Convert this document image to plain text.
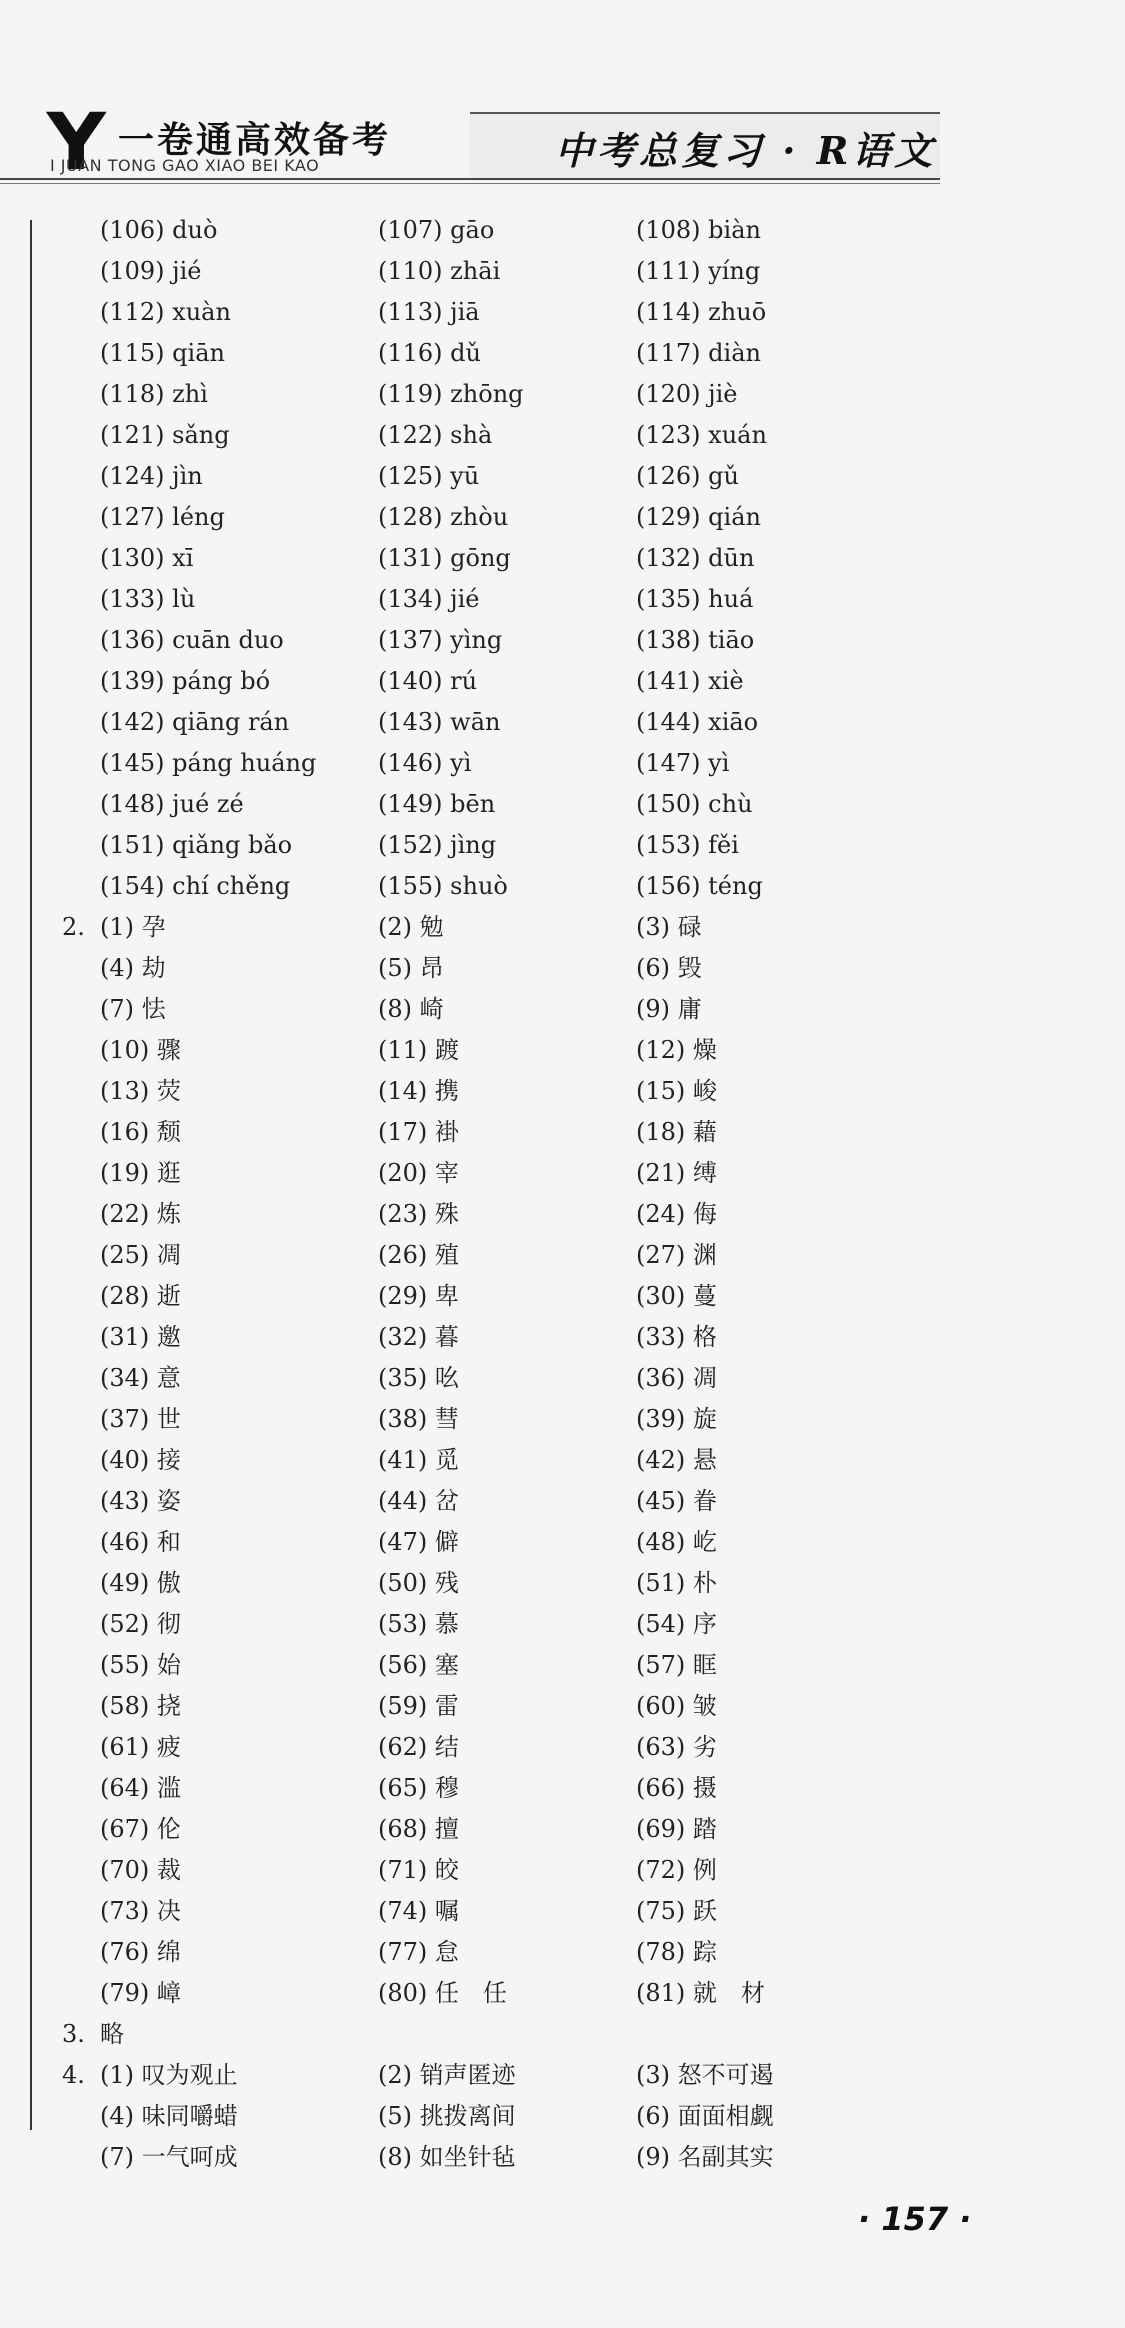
Y 一卷通高效备考
I JUAN TONG GAO XIAO BEI KAO	中考总复习 · R语文
(106) duò	(107) gāo	(108) biàn
(109) jié	(110) zhāi	(111) yíng
(112) xuàn	(113) jiā	(114) zhuō
(115) qiān	(116) dǔ	(117) diàn
(118) zhì	(119) zhōng	(120) jiè
(121) sǎng	(122) shà	(123) xuán
(124) jìn	(125) yū	(126) gǔ
(127) léng	(128) zhòu	(129) qián
(130) xī	(131) gōng	(132) dūn
(133) lù	(134) jié	(135) huá
(136) cuān duo	(137) yìng	(138) tiāo
(139) páng bó	(140) rú	(141) xiè
(142) qiāng rán	(143) wān	(144) xiāo
(145) páng huáng	(146) yì	(147) yì
(148) jué zé	(149) bēn	(150) chù
(151) qiǎng bǎo	(152) jìng	(153) fěi
(154) chí chěng	(155) shuò	(156) téng
2. (1) 孕	(2) 勉	(3) 碌
(4) 劫	(5) 昂	(6) 毁
(7) 怯	(8) 崎	(9) 庸
(10) 骤	(11) 踱	(12) 燥
(13) 荧	(14) 携	(15) 峻
(16) 颓	(17) 褂	(18) 藉
(19) 逛	(20) 宰	(21) 缚
(22) 炼	(23) 殊	(24) 侮
(25) 凋	(26) 殖	(27) 渊
(28) 逝	(29) 卑	(30) 蔓
(31) 邀	(32) 暮	(33) 格
(34) 意	(35) 吆	(36) 凋
(37) 世	(38) 彗	(39) 旋
(40) 接	(41) 觅	(42) 悬
(43) 姿	(44) 岔	(45) 眷
(46) 和	(47) 僻	(48) 屹
(49) 傲	(50) 残	(51) 朴
(52) 彻	(53) 慕	(54) 序
(55) 始	(56) 塞	(57) 眶
(58) 挠	(59) 雷	(60) 皱
(61) 疲	(62) 结	(63) 劣
(64) 滥	(65) 穆	(66) 摄
(67) 伦	(68) 擅	(69) 踏
(70) 裁	(71) 皎	(72) 例
(73) 决	(74) 嘱	(75) 跃
(76) 绵	(77) 怠	(78) 踪
(79) 嶂	(80) 任　任	(81) 就　材
3. 略
4. (1) 叹为观止	(2) 销声匿迹	(3) 怒不可遏
(4) 味同嚼蜡	(5) 挑拨离间	(6) 面面相觑
(7) 一气呵成	(8) 如坐针毡	(9) 名副其实
· 157 ·
